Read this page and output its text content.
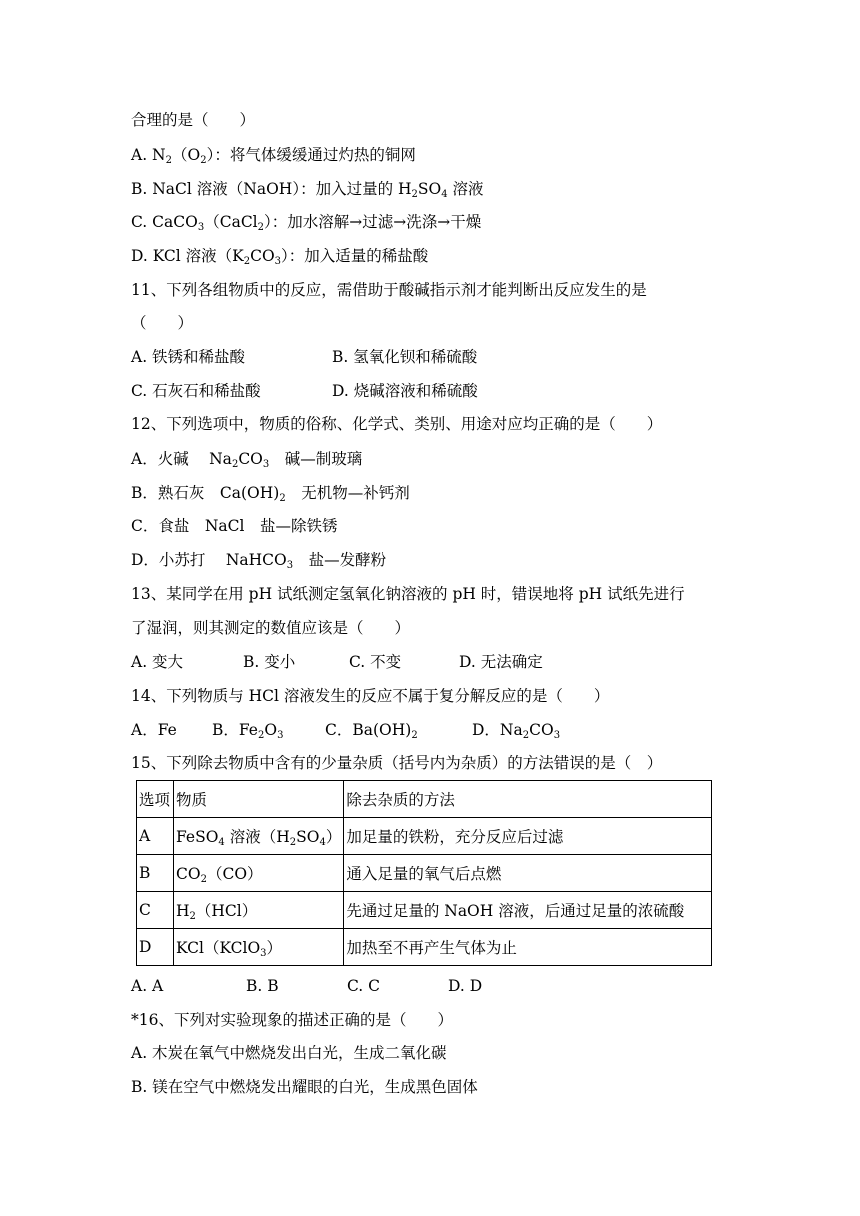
合理的是（　　）
A. $N_2(O_2)$：将气体缓缓通过灼热的铜网
B. NaCl 溶液（NaOH）：加入过量的 $H_2SO_4$ 溶液
C. CaCO$_3$（CaCl$_2$）：加水溶解→过滤→洗涤→干燥
D. KCl 溶液$(K_2CO_3)$：加入适量的稀盐酸
11、下列各组物质中的反应，需借助于酸碱指示剂才能判断出反应发生的是
（　　）
A. 铁锈和稀盐酸	B. 氢氧化钡和稀硫酸
C. 石灰石和稀盐酸	D. 烧碱溶液和稀硫酸
12、下列选项中，物质的俗称、化学式、类别、用途对应均正确的是（　　）
A．火碱　 $Na_2CO_3$　碱—制玻璃
B．熟石灰　$Ca(OH)_2$　无机物—补钙剂
C．食盐　NaCl　盐—除铁锈
D．小苏打　 NaHCO$_3$　盐—发酵粉
13、某同学在用 pH 试纸测定氢氧化钠溶液的 pH 时，错误地将 pH 试纸先进行
了湿润，则其测定的数值应该是（　　）
A. 变大	B. 变小	C. 不变	D. 无法确定
14、下列物质与 HCl 溶液发生的反应不属于复分解反应的是（　　）
A．Fe B．$Fe_2O_3$	C．$Ba(OH)_2$	D．$Na_2CO_3$
15、下列除去物质中含有的少量杂质（括号内为杂质）的方法错误的是（　）
选项	物质	除去杂质的方法
A	FeSO$_4$ 溶液$(H_2SO_4)$	加足量的铁粉，充分反应后过滤
B	$CO_2(CO)$	通入足量的氧气后点燃
C	$H_2(HCl)$	先通过足量的 NaOH 溶液，后通过足量的浓硫酸
D	KCl（KClO$_3$）	加热至不再产生气体为止
A. A	B. B	C. C	D. D
*16、下列对实验现象的描述正确的是（　　）
A. 木炭在氧气中燃烧发出白光，生成二氧化碳
B. 镁在空气中燃烧发出耀眼的白光，生成黑色固体
